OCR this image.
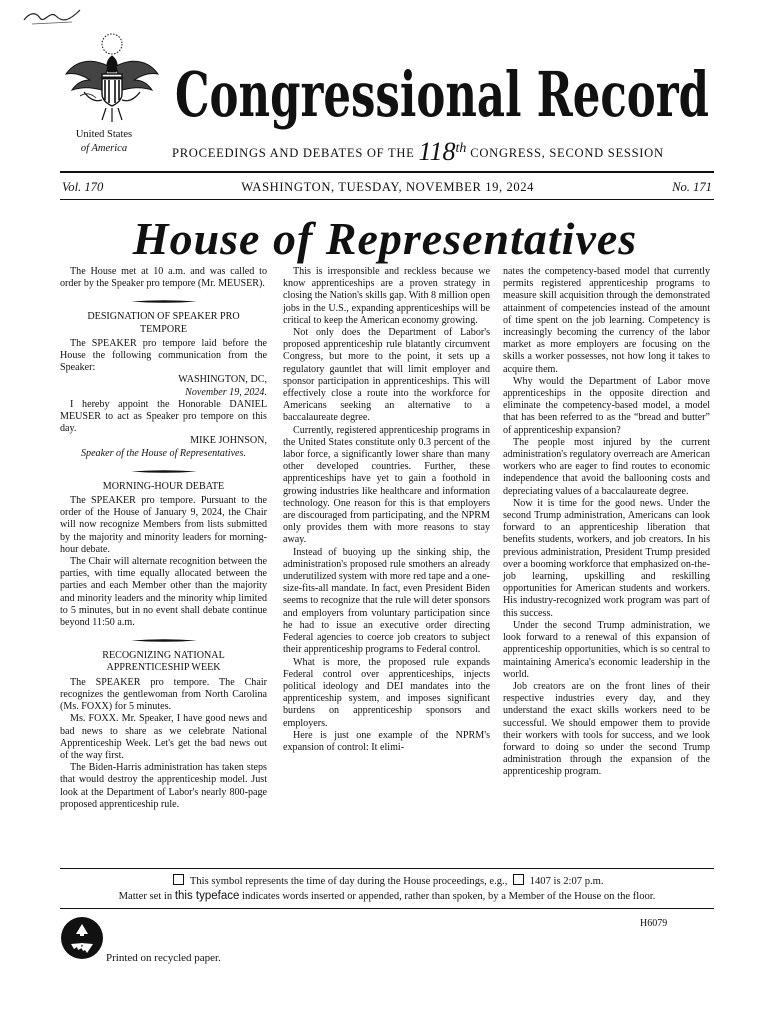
United States
of America
Congressional Record
PROCEEDINGS AND DEBATES OF THE 118th CONGRESS, SECOND SESSION
Vol. 170	WASHINGTON, TUESDAY, NOVEMBER 19, 2024	No. 171
House of Representatives

The House met at 10 a.m. and was called to order by the Speaker pro tempore (Mr. MEUSER).

DESIGNATION OF SPEAKER PRO TEMPORE

The SPEAKER pro tempore laid before the House the following communication from the Speaker:

WASHINGTON, DC,
November 19, 2024.

I hereby appoint the Honorable DANIEL MEUSER to act as Speaker pro tempore on this day.

MIKE JOHNSON,
Speaker of the House of Representatives.
MORNING-HOUR DEBATE

The SPEAKER pro tempore. Pursuant to the order of the House of January 9, 2024, the Chair will now recognize Members from lists submitted by the majority and minority leaders for morning-hour debate.

The Chair will alternate recognition between the parties, with time equally allocated between the parties and each Member other than the majority and minority leaders and the minority whip limited to 5 minutes, but in no event shall debate continue beyond 11:50 a.m.

RECOGNIZING NATIONAL APPRENTICESHIP WEEK

The SPEAKER pro tempore. The Chair recognizes the gentlewoman from North Carolina (Ms. FOXX) for 5 minutes.

Ms. FOXX. Mr. Speaker, I have good news and bad news to share as we celebrate National Apprenticeship Week. Let's get the bad news out of the way first.

The Biden-Harris administration has taken steps that would destroy the apprenticeship model. Just look at the Department of Labor's nearly 800-page proposed apprenticeship rule.

This is irresponsible and reckless because we know apprenticeships are a proven strategy in closing the Nation's skills gap. With 8 million open jobs in the U.S., expanding apprenticeships will be critical to keep the American economy growing.

Not only does the Department of Labor's proposed apprenticeship rule blatantly circumvent Congress, but more to the point, it sets up a regulatory gauntlet that will limit employer and sponsor participation in apprenticeships. This will effectively close a route into the workforce for Americans seeking an alternative to a baccalaureate degree.

Currently, registered apprenticeship programs in the United States constitute only 0.3 percent of the labor force, a significantly lower share than many other developed countries. Further, these apprenticeships have yet to gain a foothold in growing industries like healthcare and information technology. One reason for this is that employers are discouraged from participating, and the NPRM only provides them with more reasons to stay away.

Instead of buoying up the sinking ship, the administration's proposed rule smothers an already underutilized system with more red tape and a one-size-fits-all mandate. In fact, even President Biden seems to recognize that the rule will deter sponsors and employers from voluntary participation since he had to issue an executive order directing Federal agencies to coerce job creators to subject their apprenticeship programs to Federal control.

What is more, the proposed rule expands Federal control over apprenticeships, injects political ideology and DEI mandates into the apprenticeship system, and imposes significant burdens on apprenticeship sponsors and employers.

Here is just one example of the NPRM's expansion of control: It elimi-

nates the competency-based model that currently permits registered apprenticeship programs to measure skill acquisition through the demonstrated attainment of competencies instead of the amount of time spent on the job learning. Competency is increasingly becoming the currency of the labor market as more employers are focusing on the skills a worker possesses, not how long it takes to acquire them.

Why would the Department of Labor move apprenticeships in the opposite direction and eliminate the competency-based model, a model that has been referred to as the “bread and butter” of apprenticeship expansion?

The people most injured by the current administration's regulatory overreach are American workers who are eager to find routes to economic independence that avoid the ballooning costs and depreciating values of a baccalaureate degree.

Now it is time for the good news. Under the second Trump administration, Americans can look forward to an apprenticeship liberation that benefits students, workers, and job creators. In his previous administration, President Trump presided over a booming workforce that emphasized on-the-job learning, upskilling and reskilling opportunities for American students and workers. His industry-recognized work program was part of this success.

Under the second Trump administration, we look forward to a renewal of this expansion of apprenticeship opportunities, which is so central to maintaining America's economic leadership in the world.

Job creators are on the front lines of their respective industries every day, and they understand the exact skills workers need to be successful. We should empower them to provide their workers with tools for success, and we look forward to doing so under the second Trump administration through the expansion of the apprenticeship program.

This symbol represents the time of day during the House proceedings, e.g., 1407 is 2:07 p.m.
Matter set in this typeface indicates words inserted or appended, rather than spoken, by a Member of the House on the floor.
H6079
Printed on recycled paper.
